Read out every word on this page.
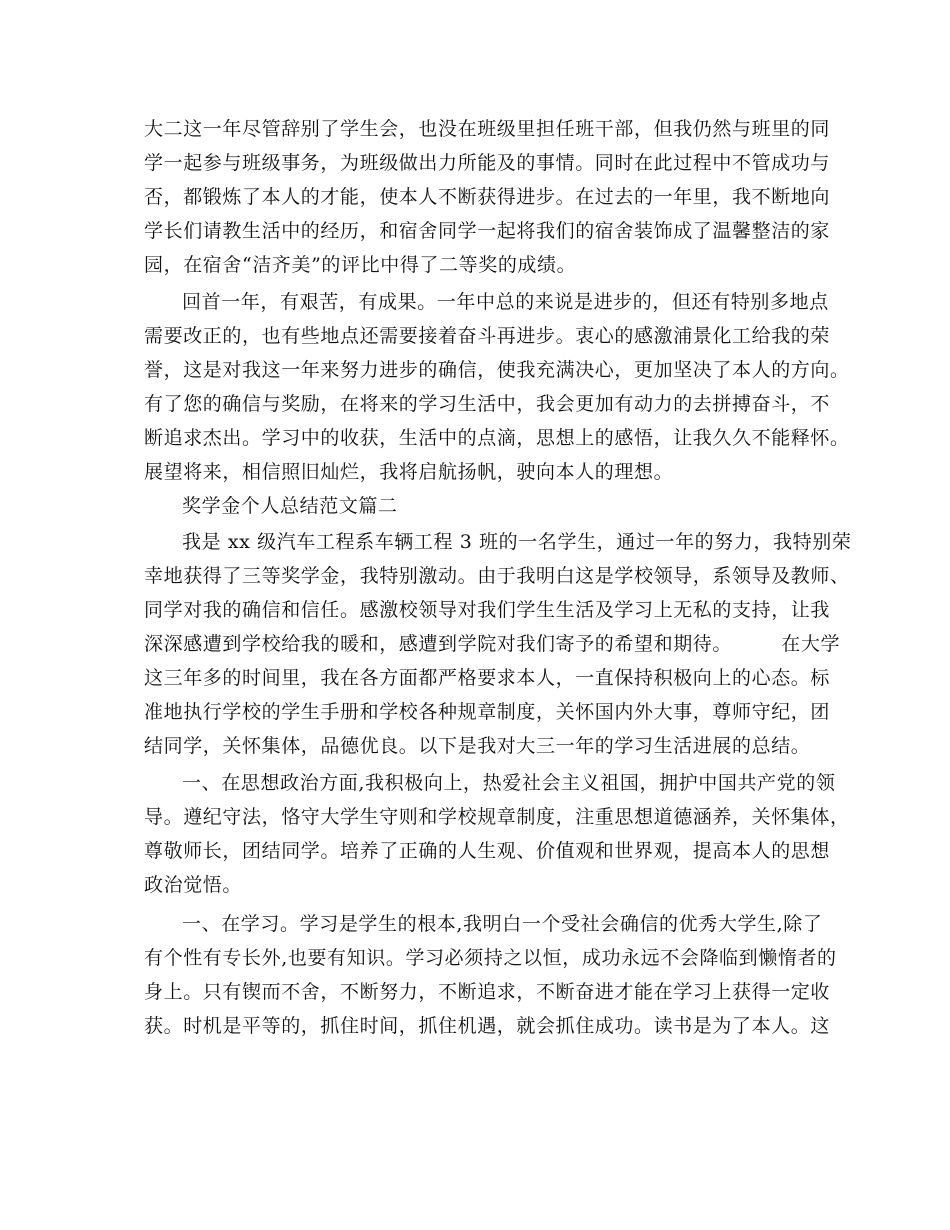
大二这一年尽管辞别了学生会，也没在班级里担任班干部，但我仍然与班里的同
学一起参与班级事务，为班级做出力所能及的事情。同时在此过程中不管成功与
否，都锻炼了本人的才能，使本人不断获得进步。在过去的一年里，我不断地向
学长们请教生活中的经历，和宿舍同学一起将我们的宿舍装饰成了温馨整洁的家
园，在宿舍“洁齐美”的评比中得了二等奖的成绩。
回首一年，有艰苦，有成果。一年中总的来说是进步的，但还有特别多地点
需要改正的，也有些地点还需要接着奋斗再进步。衷心的感激浦景化工给我的荣
誉，这是对我这一年来努力进步的确信，使我充满决心，更加坚决了本人的方向。
有了您的确信与奖励，在将来的学习生活中，我会更加有动力的去拼搏奋斗，不
断追求杰出。学习中的收获，生活中的点滴，思想上的感悟，让我久久不能释怀。
展望将来，相信照旧灿烂，我将启航扬帆，驶向本人的理想。
奖学金个人总结范文篇二
我是 xx 级汽车工程系车辆工程 3 班的一名学生，通过一年的努力，我特别荣
幸地获得了三等奖学金，我特别激动。由于我明白这是学校领导，系领导及教师、
同学对我的确信和信任。感激校领导对我们学生生活及学习上无私的支持，让我
深深感遭到学校给我的暖和，感遭到学院对我们寄予的希望和期待。　　　在大学
这三年多的时间里，我在各方面都严格要求本人，一直保持积极向上的心态。标
准地执行学校的学生手册和学校各种规章制度，关怀国内外大事，尊师守纪，团
结同学，关怀集体，品德优良。以下是我对大三一年的学习生活进展的总结。
一、在思想政治方面,我积极向上，热爱社会主义祖国，拥护中国共产党的领
导。遵纪守法，恪守大学生守则和学校规章制度，注重思想道德涵养，关怀集体，
尊敬师长，团结同学。培养了正确的人生观、价值观和世界观，提高本人的思想
政治觉悟。
一、在学习。学习是学生的根本,我明白一个受社会确信的优秀大学生,除了
有个性有专长外,也要有知识。学习必须持之以恒，成功永远不会降临到懒惰者的
身上。只有锲而不舍，不断努力，不断追求，不断奋进才能在学习上获得一定收
获。时机是平等的，抓住时间，抓住机遇，就会抓住成功。读书是为了本人。这
